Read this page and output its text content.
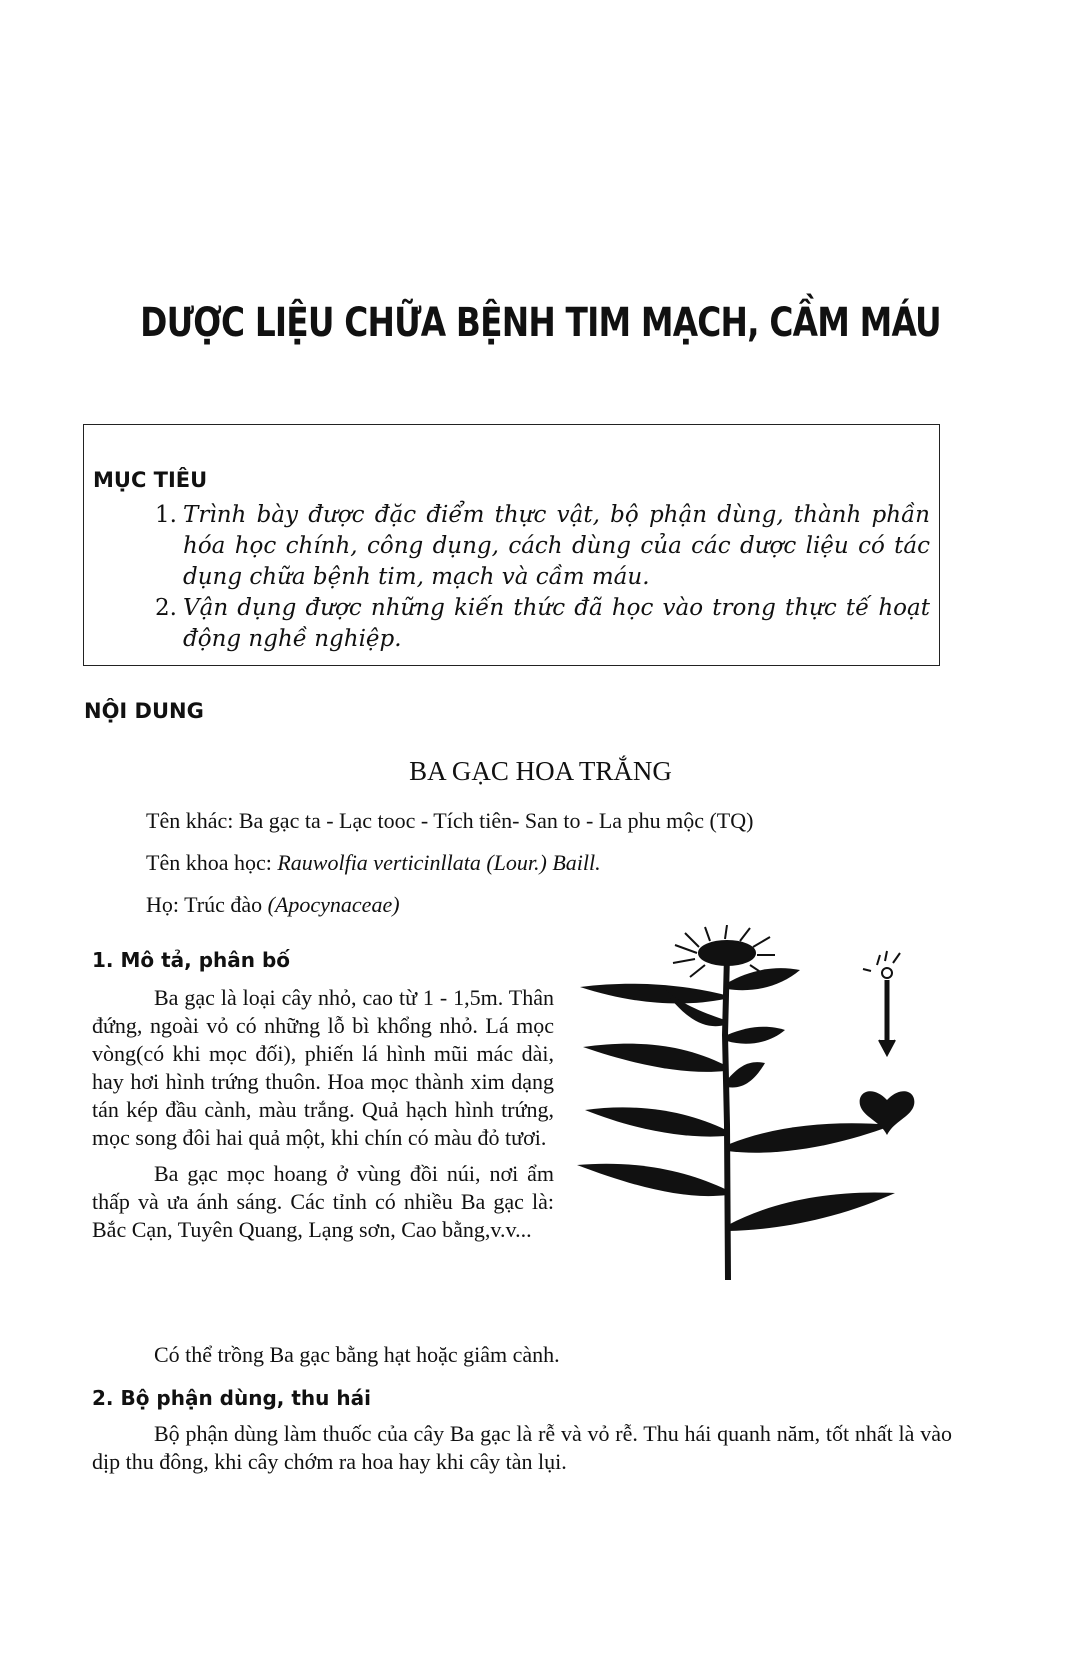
DƯỢC LIỆU CHỮA BỆNH TIM MẠCH, CẦM MÁU
MỤC TIÊU
1. Trình bày được đặc điểm thực vật, bộ phận dùng, thành phần hóa học chính, công dụng, cách dùng của các dược liệu có tác dụng chữa bệnh tim, mạch và cầm máu.
2. Vận dụng được những kiến thức đã học vào trong thực tế hoạt động nghề nghiệp.
NỘI DUNG
BA GẠC HOA TRẮNG
Tên khác: Ba gạc ta - Lạc tooc - Tích tiên- San to - La phu mộc (TQ)
Tên khoa học: Rauwolfia verticinllata (Lour.) Baill.
Họ: Trúc đào (Apocynaceae)
1. Mô tả, phân bố

Ba gạc là loại cây nhỏ, cao từ 1 - 1,5m. Thân đứng, ngoài vỏ có những lỗ bì khổng nhỏ. Lá mọc vòng(có khi mọc đối), phiến lá hình mũi mác dài, hay hơi hình trứng thuôn. Hoa mọc thành xim dạng tán kép đầu cành, màu trắng. Quả hạch hình trứng, mọc song đôi hai quả một, khi chín có màu đỏ tươi.

Ba gạc mọc hoang ở vùng đồi núi, nơi ẩm thấp và ưa ánh sáng. Các tỉnh có nhiều Ba gạc là: Bắc Cạn, Tuyên Quang, Lạng sơn, Cao bằng,v.v...

Có thể trồng Ba gạc bằng hạt hoặc giâm cành.

2. Bộ phận dùng, thu hái

Bộ phận dùng làm thuốc của cây Ba gạc là rễ và vỏ rễ. Thu hái quanh năm, tốt nhất là vào dịp thu đông, khi cây chớm ra hoa hay khi cây tàn lụi.
